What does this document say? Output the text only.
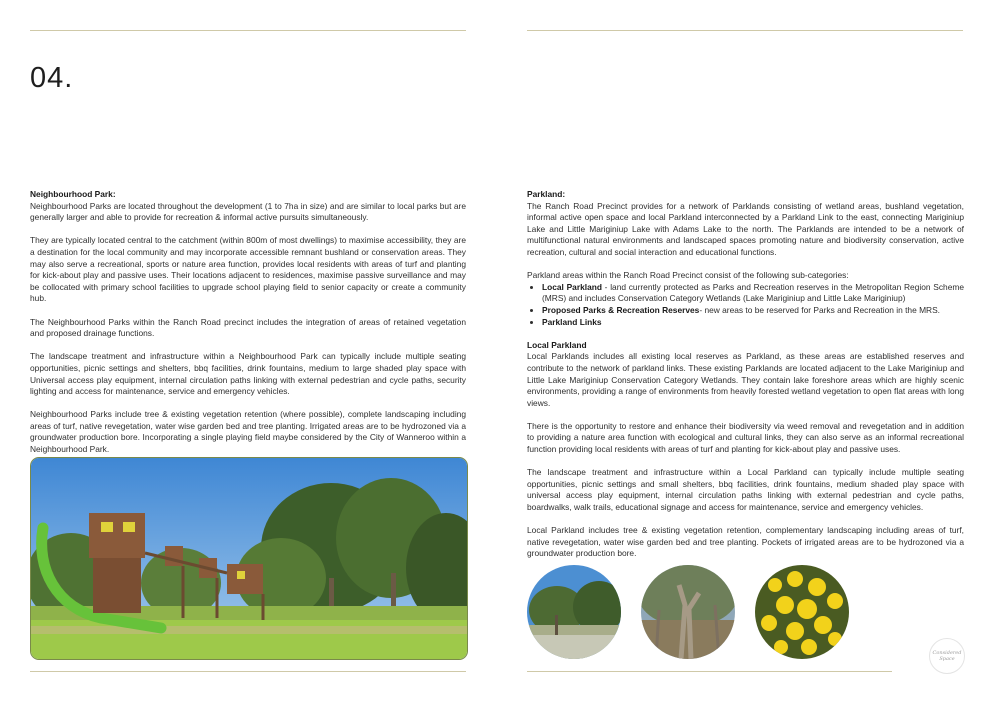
04.

Neighbourhood Park:

Neighbourhood Parks are located throughout the development (1 to 7ha in size) and are similar to local parks but are generally larger and able to provide for recreation & informal active pursuits simultaneously.

They are typically located central to the catchment (within 800m of most dwellings) to maximise accessibility, they are a destination for the local community and may incorporate accessible remnant bushland or conservation areas. They may also serve a recreational, sports or nature area function, provides local residents with areas of turf and planting for kick-about play and passive uses. Their locations adjacent to residences, maximise passive surveillance and may be collocated with primary school facilities to upgrade school playing field to senior capacity or create a community hub.

The Neighbourhood Parks within the Ranch Road precinct includes the integration of areas of retained vegetation and proposed drainage functions.

The landscape treatment and infrastructure within a Neighbourhood Park can typically include multiple seating opportunities, picnic settings and shelters, bbq facilities, drink fountains, medium to large shaded play space with Universal access play equipment, internal circulation paths linking with external pedestrian and cycle paths, security lighting and access for maintenance, service and emergency vehicles.

Neighbourhood Parks include tree & existing vegetation retention (where possible), complete landscaping including areas of turf, native revegetation, water wise garden bed and tree planting. Irrigated areas are to be hydrozoned via a groundwater production bore. Incorporating a single playing field maybe considered by the City of Wanneroo within a Neighbourhood Park.

Parkland:

The Ranch Road Precinct provides for a network of Parklands consisting of wetland areas, bushland vegetation, informal active open space and local Parkland interconnected by a Parkland Link to the east, connecting Mariginiup Lake and Little Mariginiup Lake with Adams Lake to the north. The Parklands are intended to be a network of multifunctional natural environments and landscaped spaces promoting nature and biodiversity conservation, active recreation, cultural and social interaction and educational functions.

Parkland areas within the Ranch Road Precinct consist of the following sub-categories:

• Local Parkland - land currently protected as Parks and Recreation reserves in the Metropolitan Region Scheme (MRS) and includes Conservation Category Wetlands (Lake Mariginiup and Little Lake Mariginiup)
• Proposed Parks & Recreation Reserves- new areas to be reserved for Parks and Recreation in the MRS.
• Parkland Links

Local Parkland

Local Parklands includes all existing local reserves as Parkland, as these areas are established reserves and contribute to the network of parkland links. These existing Parklands are located adjacent to the Lake Mariginiup and Little Lake Mariginiup Conservation Category Wetlands. They contain lake foreshore areas which are highly scenic environments, providing a range of environments from heavily forested wetland vegetation to open flat areas with long views.

There is the opportunity to restore and enhance their biodiversity via weed removal and revegetation and in addition to providing a nature area function with ecological and cultural links, they can also serve as an informal recreational function providing local residents with areas of turf and planting for kick-about play and passive uses.

The landscape treatment and infrastructure within a Local Parkland can typically include multiple seating opportunities, picnic settings and small shelters, bbq facilities, drink fountains, medium shaded play space with universal access play equipment, internal circulation paths linking with external pedestrian and cycle paths, boardwalks, walk trails, educational signage and access for maintenance, service and emergency vehicles.

Local Parkland includes tree & existing vegetation retention, complementary landscaping including areas of turf, native revegetation, water wise garden bed and tree planting. Pockets of irrigated areas are to be hydrozoned via a groundwater production bore.

Considered Space
